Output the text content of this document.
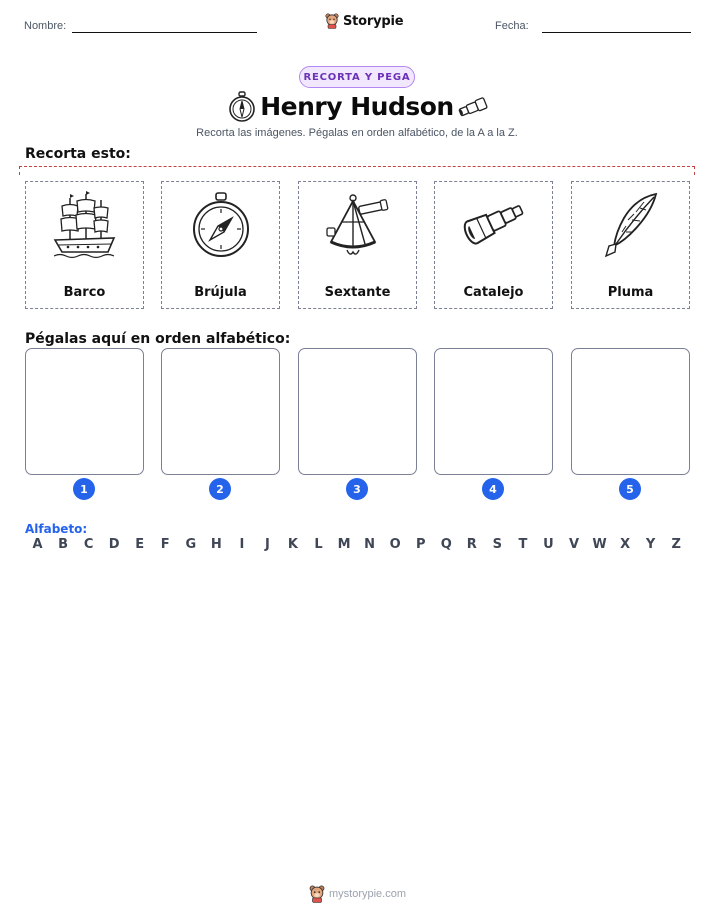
Nombre:	Storypie	Fecha:
RECORTA Y PEGA
Henry Hudson
Recorta las imágenes. Pégalas en orden alfabético, de la A a la Z.
Recorta esto:
Barco	Brújula	Sextante	Catalejo	Pluma
Pégalas aquí en orden alfabético:
1	2	3	4	5
Alfabeto:
A	B	C	D	E	F	G	H	I	J	K	L	M	N	O	P	Q	R	S	T	U	V	W	X	Y	Z
mystorypie.com
